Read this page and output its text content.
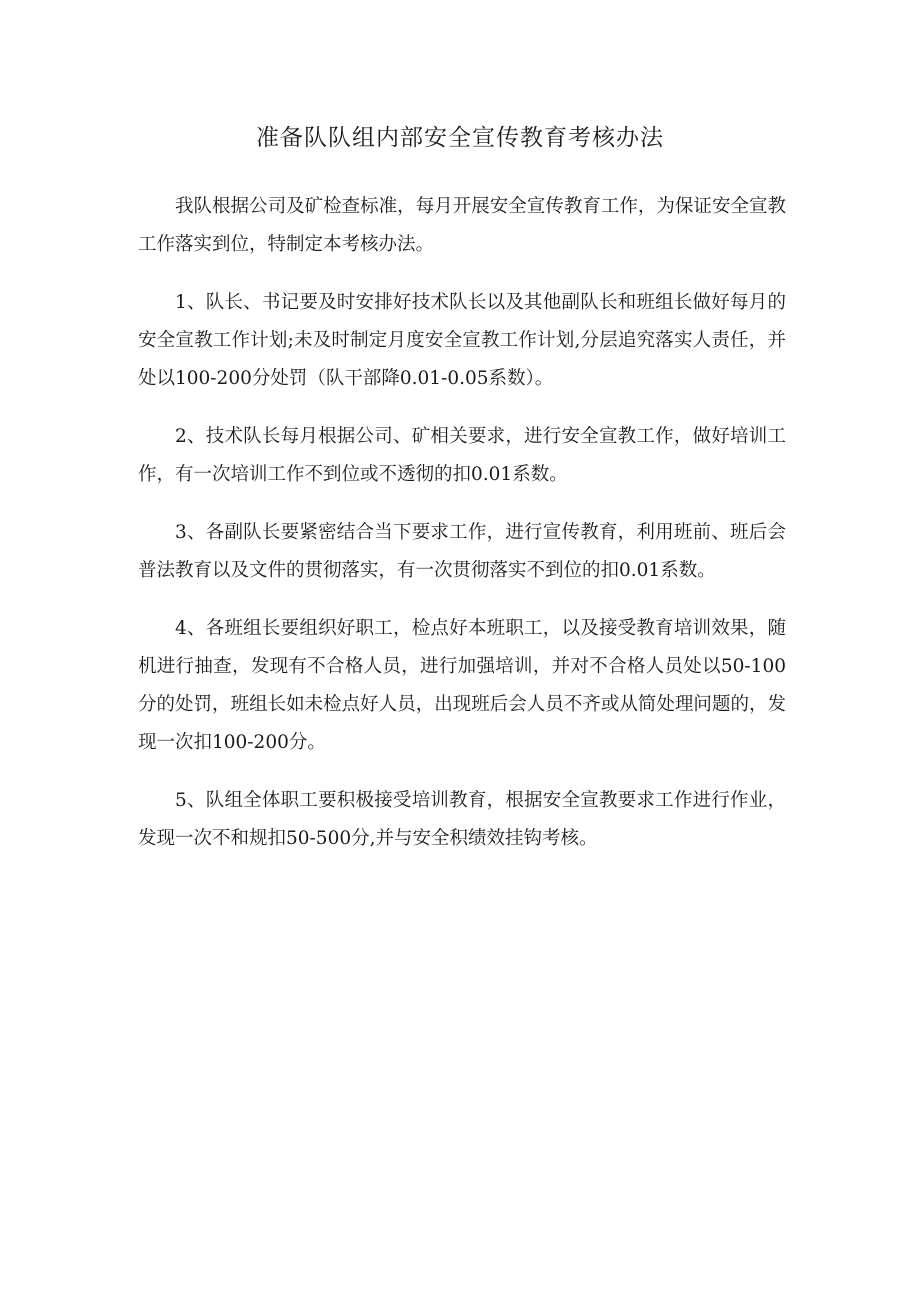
准备队队组内部安全宣传教育考核办法

我队根据公司及矿检查标准，每月开展安全宣传教育工作，为保证安全宣教工作落实到位，特制定本考核办法。

1、队长、书记要及时安排好技术队长以及其他副队长和班组长做好每月的安全宣教工作计划;未及时制定月度安全宣教工作计划,分层追究落实人责任，并处以100-200分处罚（队干部降0.01-0.05系数）。

2、技术队长每月根据公司、矿相关要求，进行安全宣教工作，做好培训工作，有一次培训工作不到位或不透彻的扣0.01系数。

3、各副队长要紧密结合当下要求工作，进行宣传教育，利用班前、班后会普法教育以及文件的贯彻落实，有一次贯彻落实不到位的扣0.01系数。

4、各班组长要组织好职工，检点好本班职工，以及接受教育培训效果，随机进行抽查，发现有不合格人员，进行加强培训，并对不合格人员处以50-100分的处罚，班组长如未检点好人员，出现班后会人员不齐或从简处理问题的，发现一次扣100-200分。

5、队组全体职工要积极接受培训教育，根据安全宣教要求工作进行作业，发现一次不和规扣50-500分,并与安全积绩效挂钩考核。
